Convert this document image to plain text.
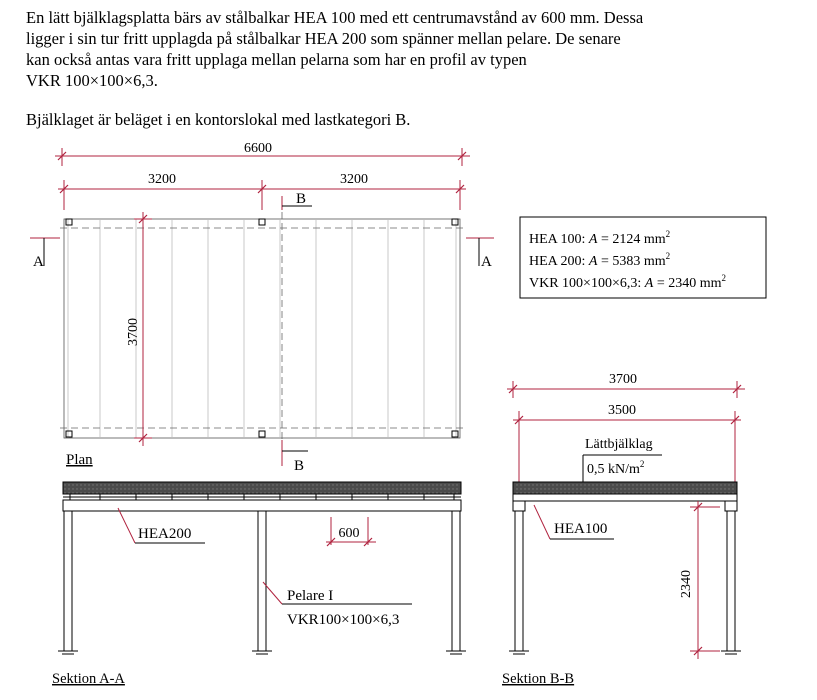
En lätt bjälklagsplatta bärs av stålbalkar HEA 100 med ett centrumavstånd av 600 mm. Dessa
ligger i sin tur fritt upplagda på stålbalkar HEA 200 som spänner mellan pelare. De senare
kan också antas vara fritt upplaga mellan pelarna som har en profil av typen
VKR 100×100×6,3.
Bjälklaget är beläget i en kontorslokal med lastkategori B.
6600
3200	3200
B
3700
A	A
B
Plan
HEA 100: A = 2124 $mm^2$
HEA 200: A = 5383 $mm^2$
VKR 100×100×6,3: A = 2340 $mm^2$
HEA200	600
Pelare I
VKR100×100×6,3
Sektion A-A
3700
3500
Lättbjälklag
0,5 $kN/m^2$
HEA100
2340
Sektion B-B
